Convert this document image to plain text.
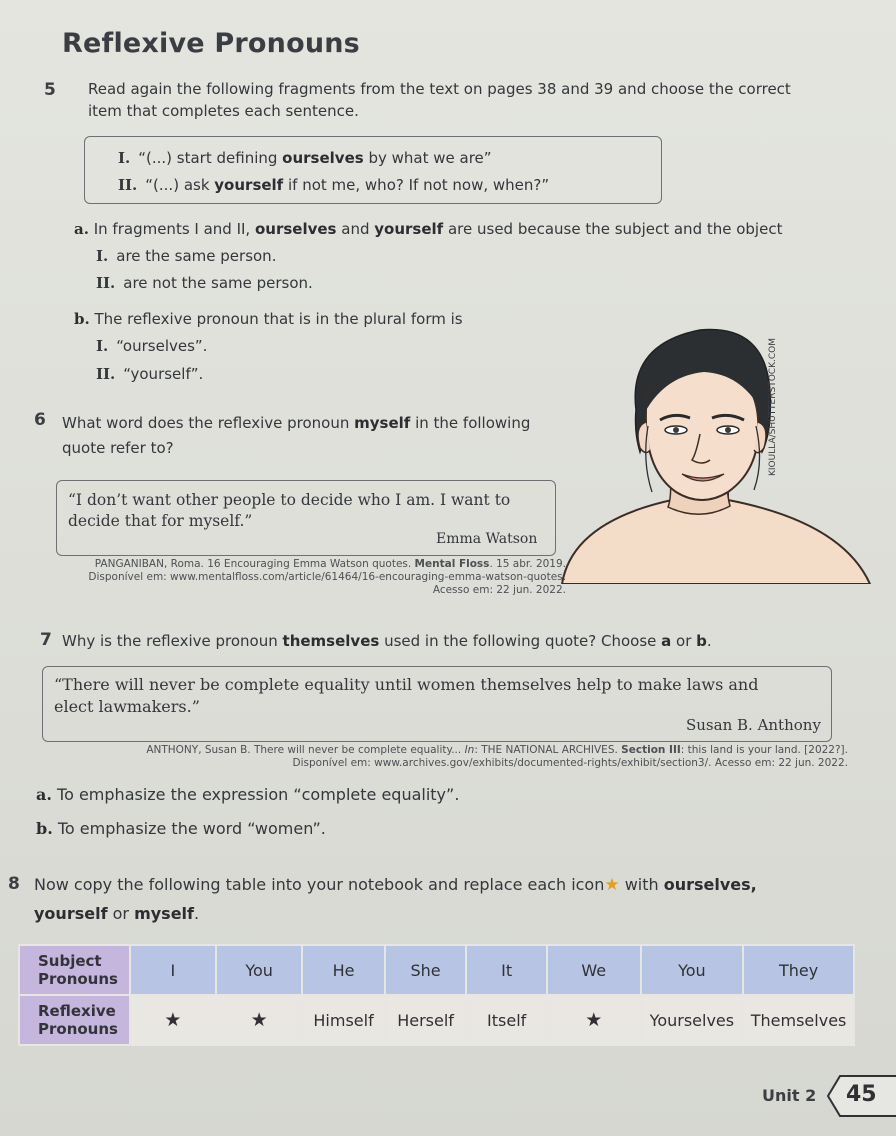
Reflexive Pronouns
5 Read again the following fragments from the text on pages 38 and 39 and choose the correct
item that completes each sentence.
I. “(...) start defining ourselves by what we are”
II. “(...) ask yourself if not me, who? If not now, when?”
a. In fragments I and II, ourselves and yourself are used because the subject and the object
I. are the same person.
II. are not the same person.
b. The reflexive pronoun that is in the plural form is
I. “ourselves”.
II. “yourself”.	KIOULLA/SHUTTERSTOCK.COM
6 What word does the reflexive pronoun myself in the following
quote refer to?
“I don’t want other people to decide who I am. I want to
decide that for myself.”
Emma Watson
PANGANIBAN, Roma. 16 Encouraging Emma Watson quotes. Mental Floss. 15 abr. 2019.
Disponível em: www.mentalfloss.com/article/61464/16-encouraging-emma-watson-quotes.
Acesso em: 22 jun. 2022.
7 Why is the reflexive pronoun themselves used in the following quote? Choose a or b.
“There will never be complete equality until women themselves help to make laws and
elect lawmakers.”
Susan B. Anthony
ANTHONY, Susan B. There will never be complete equality... In: THE NATIONAL ARCHIVES. Section III: this land is your land. [2022?].
Disponível em: www.archives.gov/exhibits/documented-rights/exhibit/section3/. Acesso em: 22 jun. 2022.
a. To emphasize the expression “complete equality”.
b. To emphasize the word “women”.
8 Now copy the following table into your notebook and replace each icon★ with ourselves,
yourself or myself.
Subject
Pronouns	I	You	He	She	It	We	You	They
Reflexive
Pronouns	★	★	Himself	Herself	Itself	★	Yourselves	Themselves
Unit 2 45
